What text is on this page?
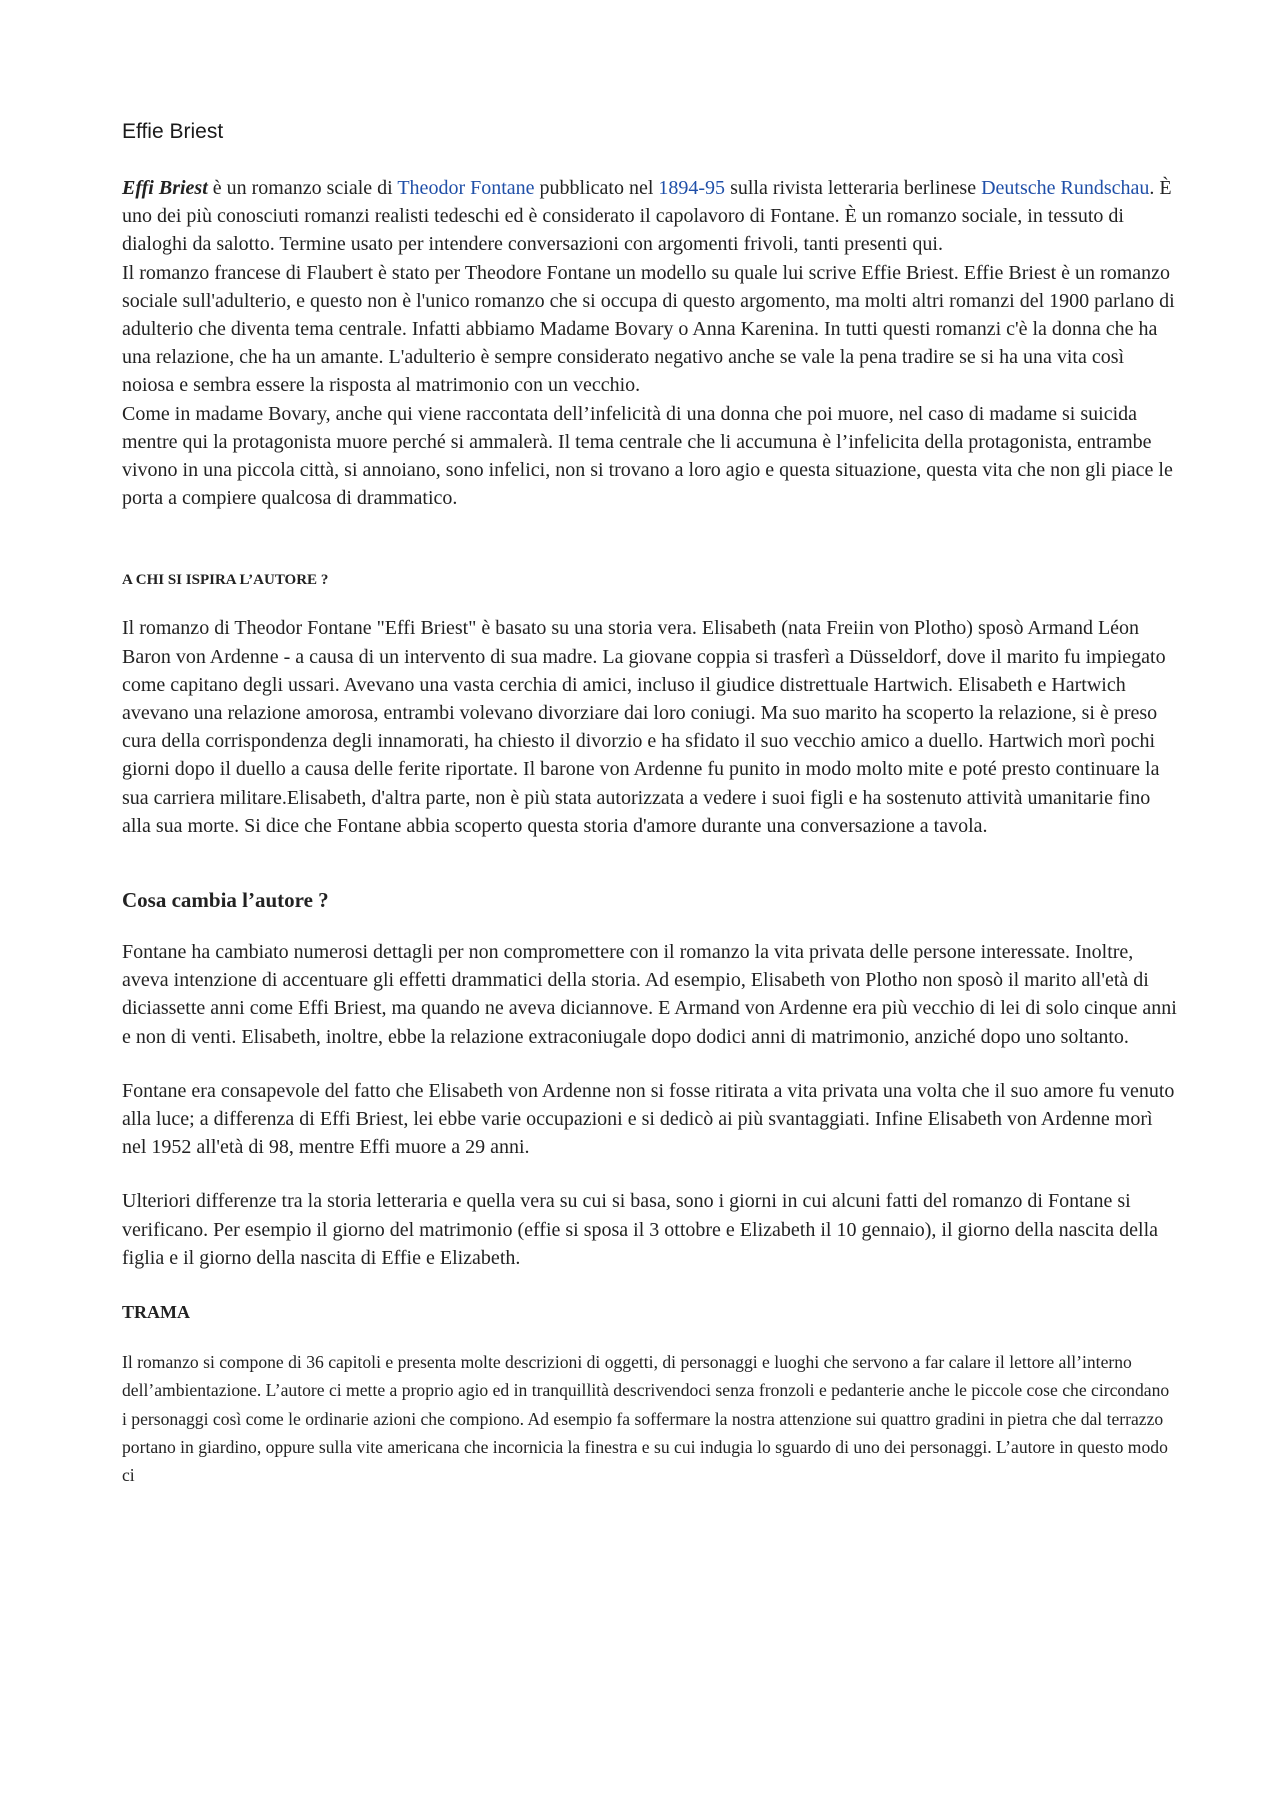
Effie Briest

Effi Briest è un romanzo sciale di Theodor Fontane pubblicato nel 1894-95 sulla rivista letteraria berlinese Deutsche Rundschau. È uno dei più conosciuti romanzi realisti tedeschi ed è considerato il capolavoro di Fontane. È un romanzo sociale, in tessuto di dialoghi da salotto. Termine usato per intendere conversazioni con argomenti frivoli, tanti presenti qui.

Il romanzo francese di Flaubert è stato per Theodore Fontane un modello su quale lui scrive Effie Briest. Effie Briest è un romanzo sociale sull'adulterio, e questo non è l'unico romanzo che si occupa di questo argomento, ma molti altri romanzi del 1900 parlano di adulterio che diventa tema centrale. Infatti abbiamo Madame Bovary o Anna Karenina. In tutti questi romanzi c'è la donna che ha una relazione, che ha un amante. L'adulterio è sempre considerato negativo anche se vale la pena tradire se si ha una vita così noiosa e sembra essere la risposta al matrimonio con un vecchio.

Come in madame Bovary, anche qui viene raccontata dell’infelicità di una donna che poi muore, nel caso di madame si suicida mentre qui la protagonista muore perché si ammalerà. Il tema centrale che li accumuna è l’infelicita della protagonista, entrambe vivono in una piccola città, si annoiano, sono infelici, non si trovano a loro agio e questa situazione, questa vita che non gli piace le porta a compiere qualcosa di drammatico.

A CHI SI ISPIRA L’AUTORE ?

Il romanzo di Theodor Fontane "Effi Briest" è basato su una storia vera. Elisabeth (nata Freiin von Plotho) sposò Armand Léon Baron von Ardenne - a causa di un intervento di sua madre. La giovane coppia si trasferì a Düsseldorf, dove il marito fu impiegato come capitano degli ussari. Avevano una vasta cerchia di amici, incluso il giudice distrettuale Hartwich. Elisabeth e Hartwich avevano una relazione amorosa, entrambi volevano divorziare dai loro coniugi. Ma suo marito ha scoperto la relazione, si è preso cura della corrispondenza degli innamorati, ha chiesto il divorzio e ha sfidato il suo vecchio amico a duello. Hartwich morì pochi giorni dopo il duello a causa delle ferite riportate. Il barone von Ardenne fu punito in modo molto mite e poté presto continuare la sua carriera militare.Elisabeth, d'altra parte, non è più stata autorizzata a vedere i suoi figli e ha sostenuto attività umanitarie fino alla sua morte. Si dice che Fontane abbia scoperto questa storia d'amore durante una conversazione a tavola.

Cosa cambia l’autore ?

Fontane ha cambiato numerosi dettagli per non compromettere con il romanzo la vita privata delle persone interessate. Inoltre, aveva intenzione di accentuare gli effetti drammatici della storia. Ad esempio, Elisabeth von Plotho non sposò il marito all'età di diciassette anni come Effi Briest, ma quando ne aveva diciannove. E Armand von Ardenne era più vecchio di lei di solo cinque anni e non di venti. Elisabeth, inoltre, ebbe la relazione extraconiugale dopo dodici anni di matrimonio, anziché dopo uno soltanto.

Fontane era consapevole del fatto che Elisabeth von Ardenne non si fosse ritirata a vita privata una volta che il suo amore fu venuto alla luce; a differenza di Effi Briest, lei ebbe varie occupazioni e si dedicò ai più svantaggiati. Infine Elisabeth von Ardenne morì nel 1952 all'età di 98, mentre Effi muore a 29 anni.

Ulteriori differenze tra la storia letteraria e quella vera su cui si basa, sono i giorni in cui alcuni fatti del romanzo di Fontane si verificano. Per esempio il giorno del matrimonio (effie si sposa il 3 ottobre e Elizabeth il 10 gennaio), il giorno della nascita della figlia e il giorno della nascita di Effie e Elizabeth.

TRAMA

Il romanzo si compone di 36 capitoli e presenta molte descrizioni di oggetti, di personaggi e luoghi che servono a far calare il lettore all’interno dell’ambientazione. L’autore ci mette a proprio agio ed in tranquillità descrivendoci senza fronzoli e pedanterie anche le piccole cose che circondano i personaggi così come le ordinarie azioni che compiono. Ad esempio fa soffermare la nostra attenzione sui quattro gradini in pietra che dal terrazzo portano in giardino, oppure sulla vite americana che incornicia la finestra e su cui indugia lo sguardo di uno dei personaggi. L’autore in questo modo ci
